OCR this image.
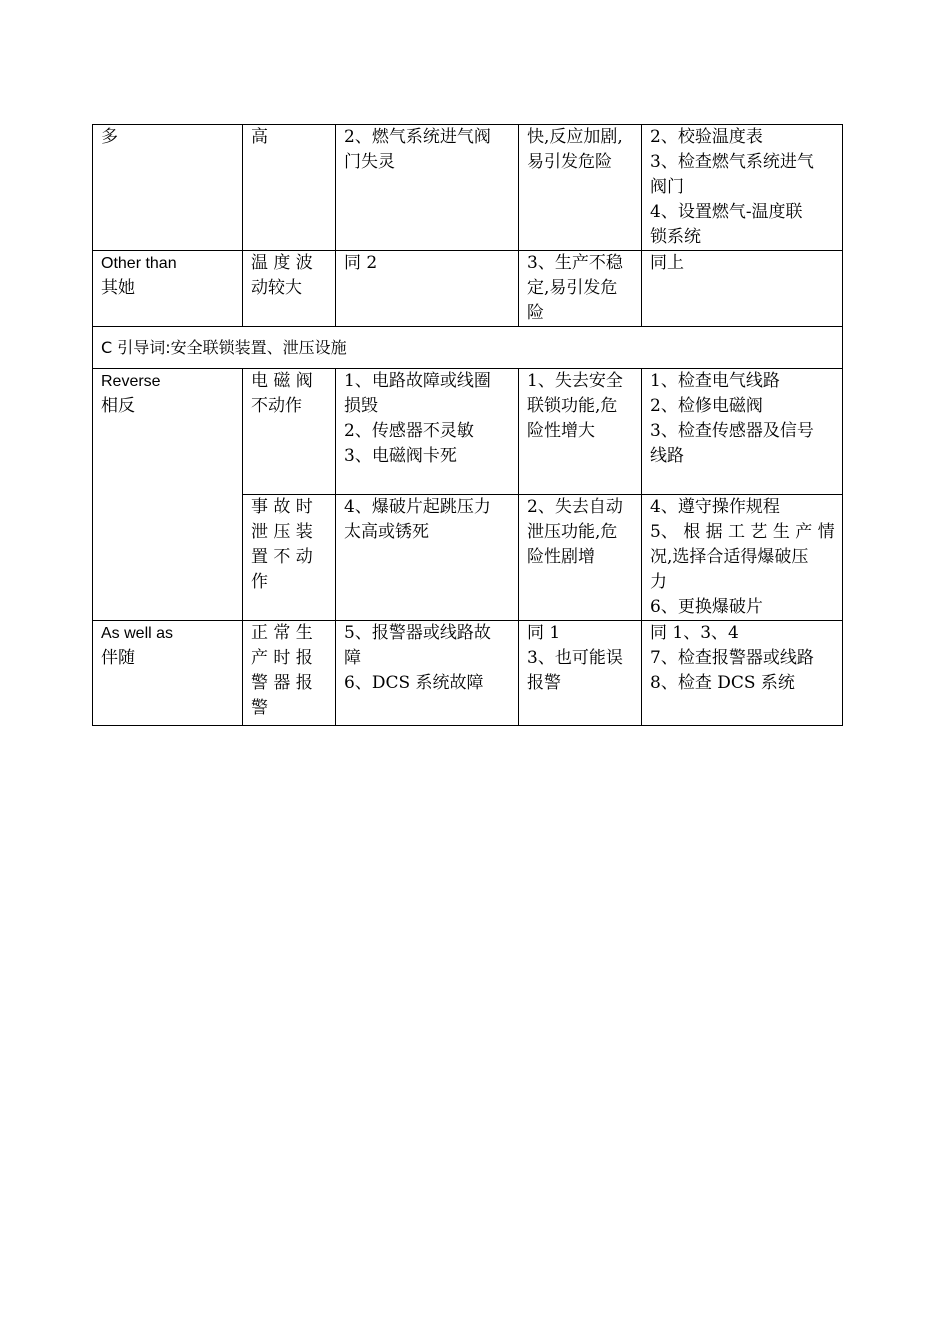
多	高	2、燃气系统进气阀
门失灵	快,反应加剧,
易引发危险	2、校验温度表
3、检查燃气系统进气
阀门
4、设置燃气-温度联
锁系统

Other than
其她	温 度 波
动较大	同 2	3、生产不稳
定,易引发危
险	同上

C 引导词:安全联锁装置、泄压设施				

Reverse
相反	电 磁 阀
不动作	1、电路故障或线圈
损毁
2、传感器不灵敏
3、电磁阀卡死	1、失去安全
联锁功能,危
险性增大	1、检查电气线路
2、检修电磁阀
3、检查传感器及信号
线路

	事 故 时
泄 压 装
置 不 动
作	4、爆破片起跳压力
太高或锈死	2、失去自动
泄压功能,危
险性剧增	4、遵守操作规程
5、 根 据 工 艺 生 产 情
况,选择合适得爆破压
力
6、更换爆破片

As well as
伴随	正 常 生
产 时 报
警 器 报
警	5、报警器或线路故
障
6、DCS 系统故障	同 1
3、也可能误
报警	同 1、3、4
7、检查报警器或线路
8、检查 DCS 系统
